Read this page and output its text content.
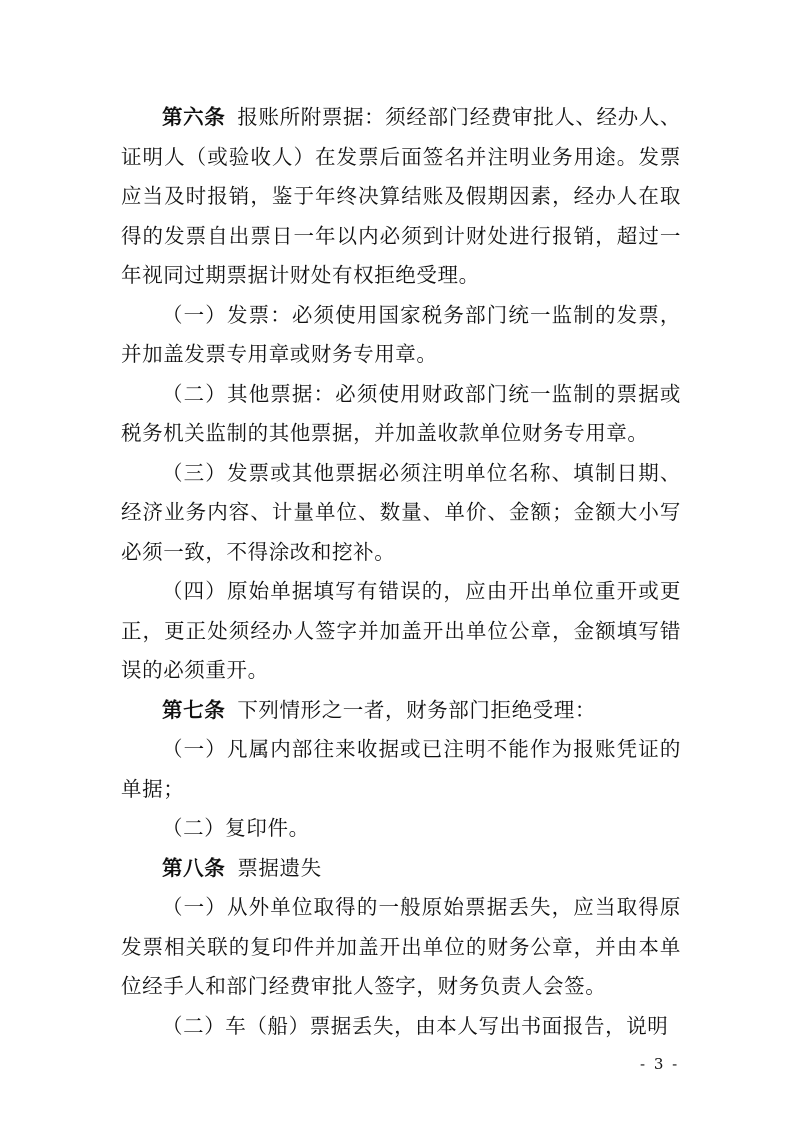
第六条 报账所附票据：须经部门经费审批人、经办人、证明人（或验收人）在发票后面签名并注明业务用途。发票应当及时报销，鉴于年终决算结账及假期因素，经办人在取得的发票自出票日一年以内必须到计财处进行报销，超过一年视同过期票据计财处有权拒绝受理。

（一）发票：必须使用国家税务部门统一监制的发票，并加盖发票专用章或财务专用章。

（二）其他票据：必须使用财政部门统一监制的票据或税务机关监制的其他票据，并加盖收款单位财务专用章。

（三）发票或其他票据必须注明单位名称、填制日期、经济业务内容、计量单位、数量、单价、金额；金额大小写必须一致，不得涂改和挖补。

（四）原始单据填写有错误的，应由开出单位重开或更正，更正处须经办人签字并加盖开出单位公章，金额填写错误的必须重开。

第七条 下列情形之一者，财务部门拒绝受理：

（一）凡属内部往来收据或已注明不能作为报账凭证的单据；

（二）复印件。

第八条 票据遗失

（一）从外单位取得的一般原始票据丢失，应当取得原发票相关联的复印件并加盖开出单位的财务公章，并由本单位经手人和部门经费审批人签字，财务负责人会签。

（二）车（船）票据丢失，由本人写出书面报告，说明

- 3 -
